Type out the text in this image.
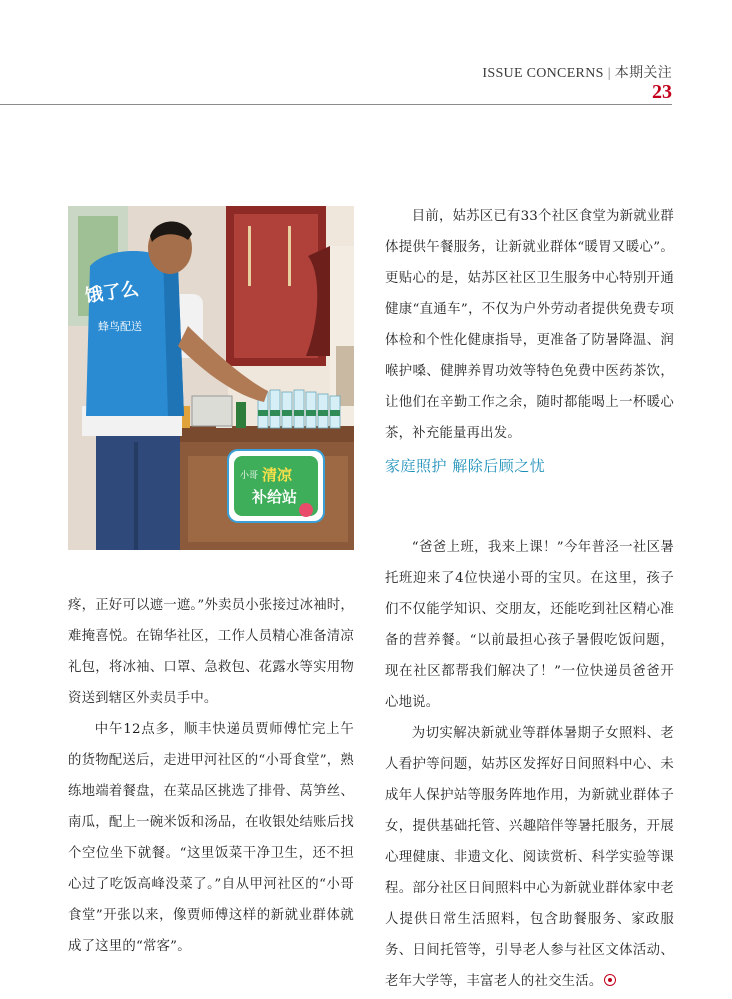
ISSUE CONCERNS | 本期关注
23
饿了么
蜂鸟配送
小哥 清凉
补给站

疼，正好可以遮一遮。”外卖员小张接过冰袖时，难掩喜悦。在锦华社区，工作人员精心准备清凉礼包，将冰袖、口罩、急救包、花露水等实用物资送到辖区外卖员手中。

中午12点多，顺丰快递员贾师傅忙完上午的货物配送后，走进甲河社区的“小哥食堂”，熟练地端着餐盘，在菜品区挑选了排骨、莴笋丝、南瓜，配上一碗米饭和汤品，在收银处结账后找个空位坐下就餐。“这里饭菜干净卫生，还不担心过了吃饭高峰没菜了。”自从甲河社区的“小哥食堂”开张以来，像贾师傅这样的新就业群体就成了这里的“常客”。

目前，姑苏区已有33个社区食堂为新就业群体提供午餐服务，让新就业群体“暖胃又暖心”。更贴心的是，姑苏区社区卫生服务中心特别开通健康“直通车”，不仅为户外劳动者提供免费专项体检和个性化健康指导，更准备了防暑降温、润喉护嗓、健脾养胃功效等特色免费中医药茶饮，让他们在辛勤工作之余，随时都能喝上一杯暖心茶，补充能量再出发。

家庭照护 解除后顾之忧

“爸爸上班，我来上课！”今年普泾一社区暑托班迎来了4位快递小哥的宝贝。在这里，孩子们不仅能学知识、交朋友，还能吃到社区精心准备的营养餐。“以前最担心孩子暑假吃饭问题，现在社区都帮我们解决了！”一位快递员爸爸开心地说。

为切实解决新就业等群体暑期子女照料、老人看护等问题，姑苏区发挥好日间照料中心、未成年人保护站等服务阵地作用，为新就业群体子女，提供基础托管、兴趣陪伴等暑托服务，开展心理健康、非遗文化、阅读赏析、科学实验等课程。部分社区日间照料中心为新就业群体家中老人提供日常生活照料，包含助餐服务、家政服务、日间托管等，引导老人参与社区文体活动、老年大学等，丰富老人的社交生活。
